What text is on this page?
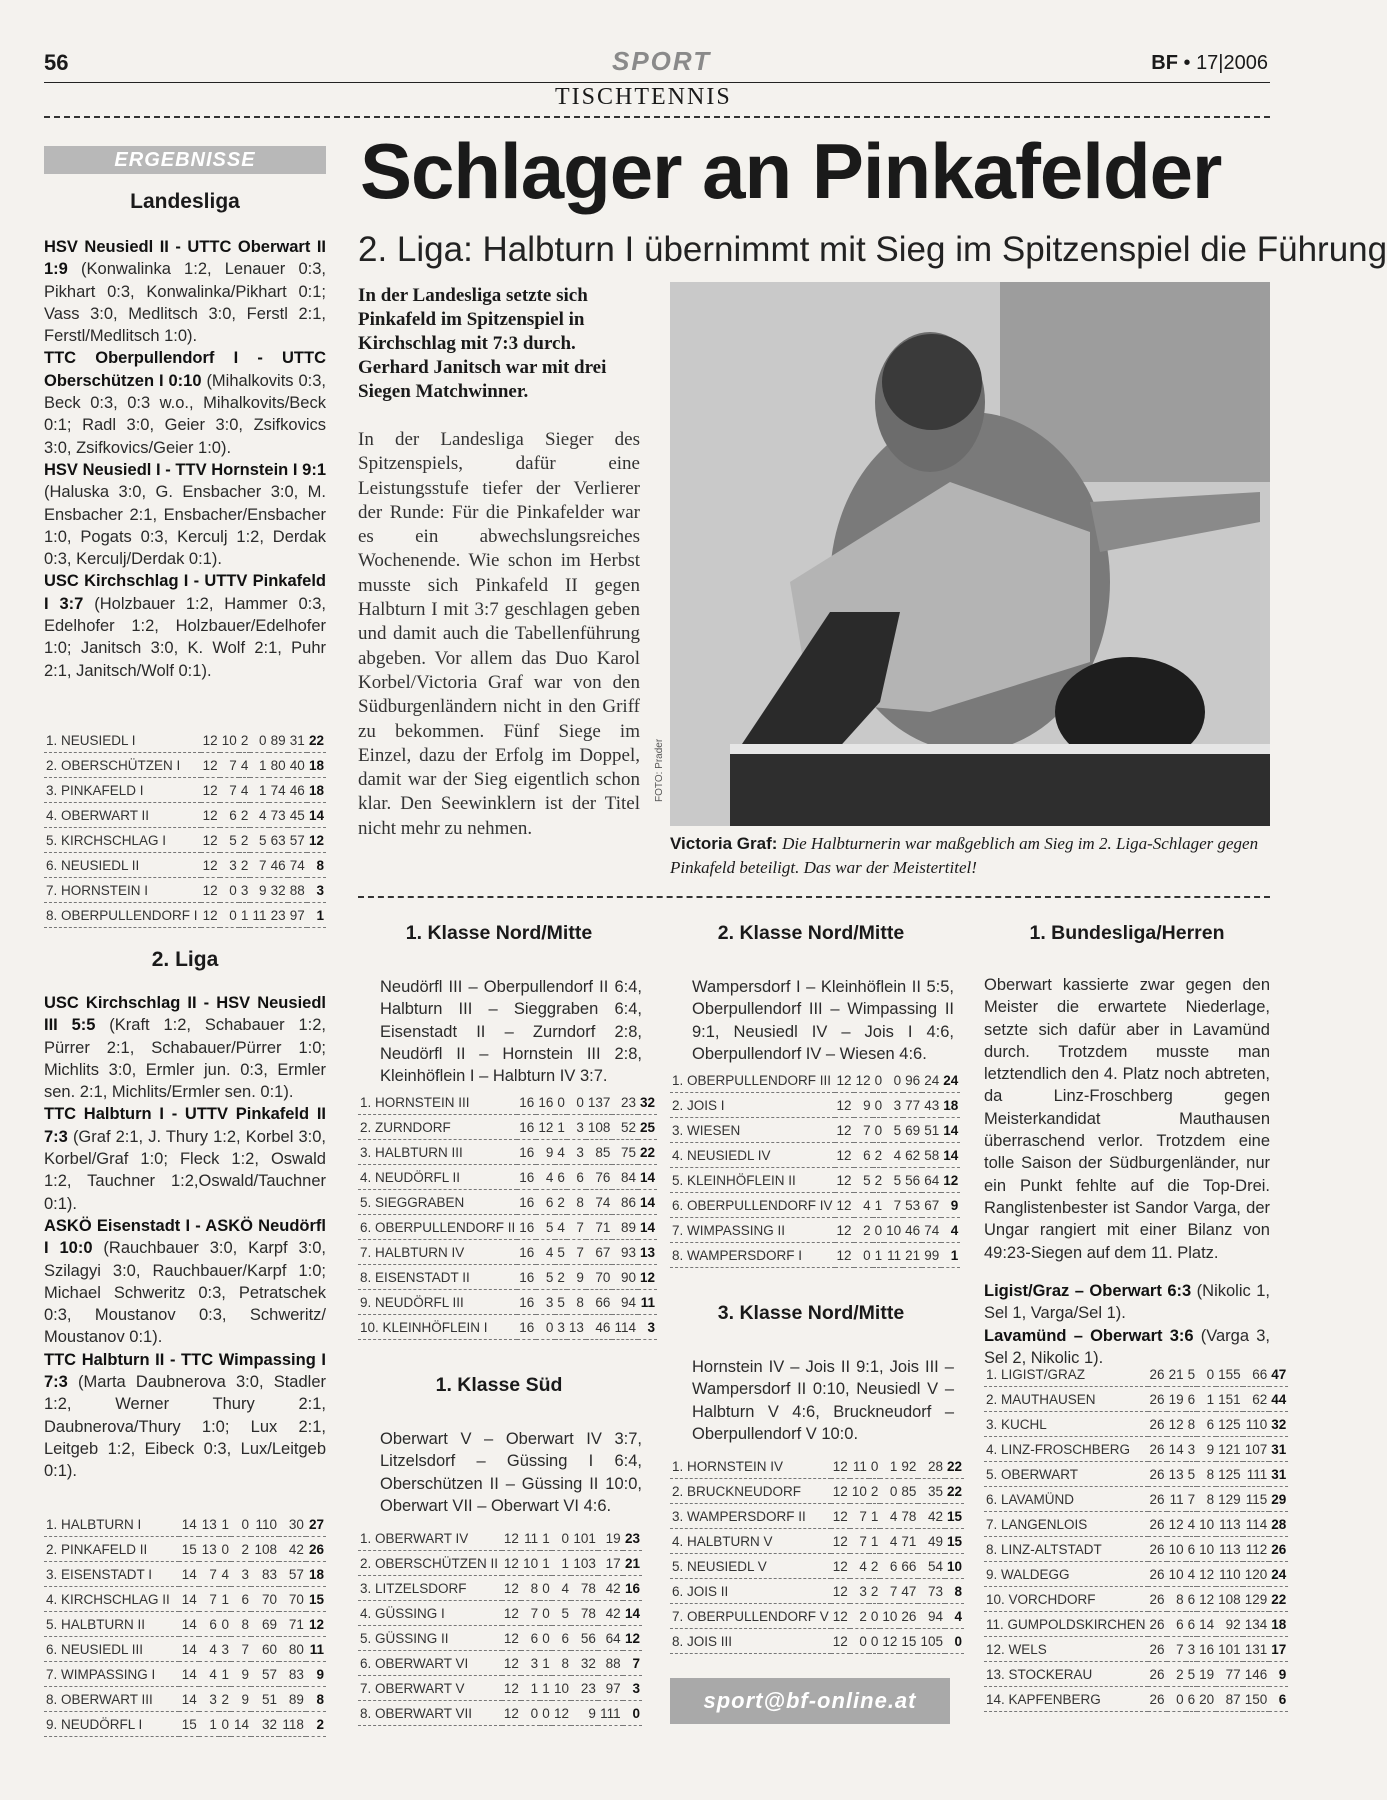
56	SPORT	BF • 17|2006
TISCHTENNIS
ERGEBNISSE
Landesliga
HSV Neusiedl II - UTTC Oberwart II 1:9 (Konwalinka 1:2, Lenauer 0:3, Pikhart 0:3, Konwalinka/Pikhart 0:1; Vass 3:0, Medlitsch 3:0, Ferstl 2:1, Ferstl/Medlitsch 1:0).
TTC Oberpullendorf I - UTTC Oberschützen I 0:10 (Mihalkovits 0:3, Beck 0:3, 0:3 w.o., Mihalkovits/Beck 0:1; Radl 3:0, Geier 3:0, Zsifkovics 3:0, Zsifkovics/Geier 1:0).
HSV Neusiedl I - TTV Hornstein I 9:1 (Haluska 3:0, G. Ensbacher 3:0, M. Ensbacher 2:1, Ensbacher/Ensbacher 1:0, Pogats 0:3, Kerculj 1:2, Derdak 0:3, Kerculj/Derdak 0:1).
USC Kirchschlag I - UTTV Pinkafeld I 3:7 (Holzbauer 1:2, Hammer 0:3, Edelhofer 1:2, Holzbauer/Edelhofer 1:0; Janitsch 3:0, K. Wolf 2:1, Puhr 2:1, Janitsch/Wolf 0:1).
1. NEUSIEDL I	12	10	2	0	89	31	22
2. OBERSCHÜTZEN I	12	7	4	1	80	40	18
3. PINKAFELD I	12	7	4	1	74	46	18
4. OBERWART II	12	6	2	4	73	45	14
5. KIRCHSCHLAG I	12	5	2	5	63	57	12
6. NEUSIEDL II	12	3	2	7	46	74	8
7. HORNSTEIN I	12	0	3	9	32	88	3
8. OBERPULLENDORF I	12	0	1	11	23	97	1
2. Liga
USC Kirchschlag II - HSV Neusiedl III 5:5 (Kraft 1:2, Schabauer 1:2, Pürrer 2:1, Schabauer/Pürrer 1:0; Michlits 3:0, Ermler jun. 0:3, Ermler sen. 2:1, Michlits/Ermler sen. 0:1).
TTC Halbturn I - UTTV Pinkafeld II 7:3 (Graf 2:1, J. Thury 1:2, Korbel 3:0, Korbel/Graf 1:0; Fleck 1:2, Oswald 1:2, Tauchner 1:2,Oswald/Tauchner 0:1).
ASKÖ Eisenstadt I - ASKÖ Neudörfl I 10:0 (Rauchbauer 3:0, Karpf 3:0, Szilagyi 3:0, Rauchbauer/Karpf 1:0; Michael Schweritz 0:3, Petratschek 0:3, Moustanov 0:3, Schweritz/ Moustanov 0:1).
TTC Halbturn II - TTC Wimpassing I 7:3 (Marta Daubnerova 3:0, Stadler 1:2, Werner Thury 2:1, Daubnerova/Thury 1:0; Lux 2:1, Leitgeb 1:2, Eibeck 0:3, Lux/Leitgeb 0:1).
1. HALBTURN I	14	13	1	0	110	30	27
2. PINKAFELD II	15	13	0	2	108	42	26
3. EISENSTADT I	14	7	4	3	83	57	18
4. KIRCHSCHLAG II	14	7	1	6	70	70	15
5. HALBTURN II	14	6	0	8	69	71	12
6. NEUSIEDL III	14	4	3	7	60	80	11
7. WIMPASSING I	14	4	1	9	57	83	9
8. OBERWART III	14	3	2	9	51	89	8
9. NEUDÖRFL I	15	1	0	14	32	118	2
Schlager an Pinkafelder
2. Liga: Halbturn I übernimmt mit Sieg im Spitzenspiel die Führung
In der Landesliga setzte sich Pinkafeld im Spitzenspiel in Kirchschlag mit 7:3 durch. Gerhard Janitsch war mit drei Siegen Matchwinner.
In der Landesliga Sieger des Spitzenspiels, dafür eine Leistungsstufe tiefer der Verlierer der Runde: Für die Pinkafelder war es ein abwechslungsreiches Wochenende. Wie schon im Herbst musste sich Pinkafeld II gegen Halbturn I mit 3:7 geschlagen geben und damit auch die Tabellenführung abgeben. Vor allem das Duo Karol Korbel/Victoria Graf war von den Südburgenländern nicht in den Griff zu bekommen. Fünf Siege im Einzel, dazu der Erfolg im Doppel, damit war der Sieg eigentlich schon klar. Den Seewinklern ist der Titel nicht mehr zu nehmen.
FOTO: Prader
Victoria Graf: Die Halbturnerin war maßgeblich am Sieg im 2. Liga-Schlager gegen Pinkafeld beteiligt. Das war der Meistertitel!
1. Klasse Nord/Mitte
Neudörfl III – Oberpullendorf II 6:4, Halbturn III – Sieggraben 6:4, Eisenstadt II – Zurndorf 2:8, Neudörfl II – Hornstein III 2:8, Kleinhöflein I – Halbturn IV 3:7.
1. HORNSTEIN III	16	16	0	0	137	23	32
2. ZURNDORF	16	12	1	3	108	52	25
3. HALBTURN III	16	9	4	3	85	75	22
4. NEUDÖRFL II	16	4	6	6	76	84	14
5. SIEGGRABEN	16	6	2	8	74	86	14
6. OBERPULLENDORF II	16	5	4	7	71	89	14
7. HALBTURN IV	16	4	5	7	67	93	13
8. EISENSTADT II	16	5	2	9	70	90	12
9. NEUDÖRFL III	16	3	5	8	66	94	11
10. KLEINHÖFLEIN I	16	0	3	13	46	114	3
1. Klasse Süd
Oberwart V – Oberwart IV 3:7, Litzelsdorf – Güssing I 6:4, Oberschützen II – Güssing II 10:0, Oberwart VII – Oberwart VI 4:6.
1. OBERWART IV	12	11	1	0	101	19	23
2. OBERSCHÜTZEN II	12	10	1	1	103	17	21
3. LITZELSDORF	12	8	0	4	78	42	16
4. GÜSSING I	12	7	0	5	78	42	14
5. GÜSSING II	12	6	0	6	56	64	12
6. OBERWART VI	12	3	1	8	32	88	7
7. OBERWART V	12	1	1	10	23	97	3
8. OBERWART VII	12	0	0	12	9	111	0
2. Klasse Nord/Mitte
Wampersdorf I – Kleinhöflein II 5:5, Oberpullendorf III – Wimpassing II 9:1, Neusiedl IV – Jois I 4:6, Oberpullendorf IV – Wiesen 4:6.
1. OBERPULLENDORF III	12	12	0	0	96	24	24
2. JOIS I	12	9	0	3	77	43	18
3. WIESEN	12	7	0	5	69	51	14
4. NEUSIEDL IV	12	6	2	4	62	58	14
5. KLEINHÖFLEIN II	12	5	2	5	56	64	12
6. OBERPULLENDORF IV	12	4	1	7	53	67	9
7. WIMPASSING II	12	2	0	10	46	74	4
8. WAMPERSDORF I	12	0	1	11	21	99	1
3. Klasse Nord/Mitte
Hornstein IV – Jois II 9:1, Jois III – Wampersdorf II 0:10, Neusiedl V – Halbturn V 4:6, Bruckneudorf – Oberpullendorf V 10:0.
1. HORNSTEIN IV	12	11	0	1	92	28	22
2. BRUCKNEUDORF	12	10	2	0	85	35	22
3. WAMPERSDORF II	12	7	1	4	78	42	15
4. HALBTURN V	12	7	1	4	71	49	15
5. NEUSIEDL V	12	4	2	6	66	54	10
6. JOIS II	12	3	2	7	47	73	8
7. OBERPULLENDORF V	12	2	0	10	26	94	4
8. JOIS III	12	0	0	12	15	105	0
sport@bf-online.at
1. Bundesliga/Herren
Oberwart kassierte zwar gegen den Meister die erwartete Niederlage, setzte sich dafür aber in Lavamünd durch. Trotzdem musste man letztendlich den 4. Platz noch abtreten, da Linz-Froschberg gegen Meisterkandidat Mauthausen überraschend verlor. Trotzdem eine tolle Saison der Südburgenländer, nur ein Punkt fehlte auf die Top-Drei. Ranglistenbester ist Sandor Varga, der Ungar rangiert mit einer Bilanz von 49:23-Siegen auf dem 11. Platz.
Ligist/Graz – Oberwart 6:3 (Nikolic 1, Sel 1, Varga/Sel 1).
Lavamünd – Oberwart 3:6 (Varga 3, Sel 2, Nikolic 1).
1. LIGIST/GRAZ	26	21	5	0	155	66	47
2. MAUTHAUSEN	26	19	6	1	151	62	44
3. KUCHL	26	12	8	6	125	110	32
4. LINZ-FROSCHBERG	26	14	3	9	121	107	31
5. OBERWART	26	13	5	8	125	111	31
6. LAVAMÜND	26	11	7	8	129	115	29
7. LANGENLOIS	26	12	4	10	113	114	28
8. LINZ-ALTSTADT	26	10	6	10	113	112	26
9. WALDEGG	26	10	4	12	110	120	24
10. VORCHDORF	26	8	6	12	108	129	22
11. GUMPOLDSKIRCHEN	26	6	6	14	92	134	18
12. WELS	26	7	3	16	101	131	17
13. STOCKERAU	26	2	5	19	77	146	9
14. KAPFENBERG	26	0	6	20	87	150	6
